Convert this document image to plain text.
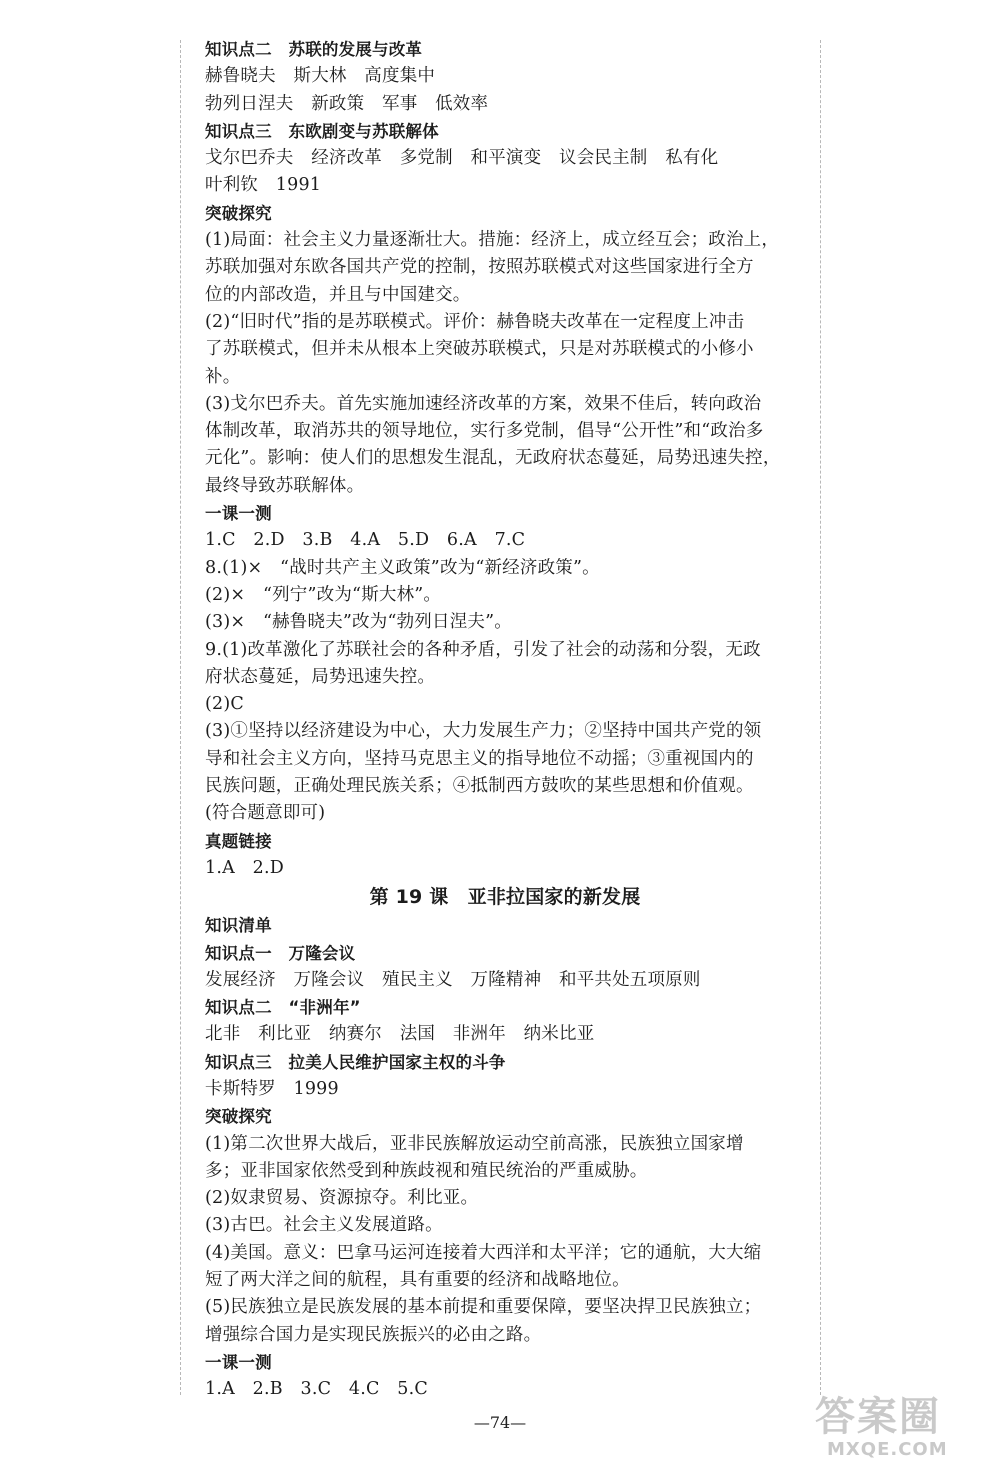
知识点二　苏联的发展与改革
赫鲁晓夫　斯大林　高度集中
勃列日涅夫　新政策　军事　低效率
知识点三　东欧剧变与苏联解体
戈尔巴乔夫　经济改革　多党制　和平演变　议会民主制　私有化
叶利钦　1991
突破探究
(1)局面：社会主义力量逐渐壮大。措施：经济上，成立经互会；政治上，
苏联加强对东欧各国共产党的控制，按照苏联模式对这些国家进行全方
位的内部改造，并且与中国建交。
(2)“旧时代”指的是苏联模式。评价：赫鲁晓夫改革在一定程度上冲击
了苏联模式，但并未从根本上突破苏联模式，只是对苏联模式的小修小
补。
(3)戈尔巴乔夫。首先实施加速经济改革的方案，效果不佳后，转向政治
体制改革，取消苏共的领导地位，实行多党制，倡导“公开性”和“政治多
元化”。影响：使人们的思想发生混乱，无政府状态蔓延，局势迅速失控，
最终导致苏联解体。
一课一测
1.C　2.D　3.B　4.A　5.D　6.A　7.C
8.(1)×　“战时共产主义政策”改为“新经济政策”。
(2)×　“列宁”改为“斯大林”。
(3)×　“赫鲁晓夫”改为“勃列日涅夫”。
9.(1)改革激化了苏联社会的各种矛盾，引发了社会的动荡和分裂，无政
府状态蔓延，局势迅速失控。
(2)C
(3)①坚持以经济建设为中心，大力发展生产力；②坚持中国共产党的领
导和社会主义方向，坚持马克思主义的指导地位不动摇；③重视国内的
民族问题，正确处理民族关系；④抵制西方鼓吹的某些思想和价值观。
(符合题意即可)
真题链接
1.A　2.D
第 19 课　亚非拉国家的新发展
知识清单
知识点一　万隆会议
发展经济　万隆会议　殖民主义　万隆精神　和平共处五项原则
知识点二　“非洲年”
北非　利比亚　纳赛尔　法国　非洲年　纳米比亚
知识点三　拉美人民维护国家主权的斗争
卡斯特罗　1999
突破探究
(1)第二次世界大战后，亚非民族解放运动空前高涨，民族独立国家增
多；亚非国家依然受到种族歧视和殖民统治的严重威胁。
(2)奴隶贸易、资源掠夺。利比亚。
(3)古巴。社会主义发展道路。
(4)美国。意义：巴拿马运河连接着大西洋和太平洋；它的通航，大大缩
短了两大洋之间的航程，具有重要的经济和战略地位。
(5)民族独立是民族发展的基本前提和重要保障，要坚决捍卫民族独立；
增强综合国力是实现民族振兴的必由之路。
一课一测
1.A　2.B　3.C　4.C　5.C
—74—	答案圈
MXQE.COM
